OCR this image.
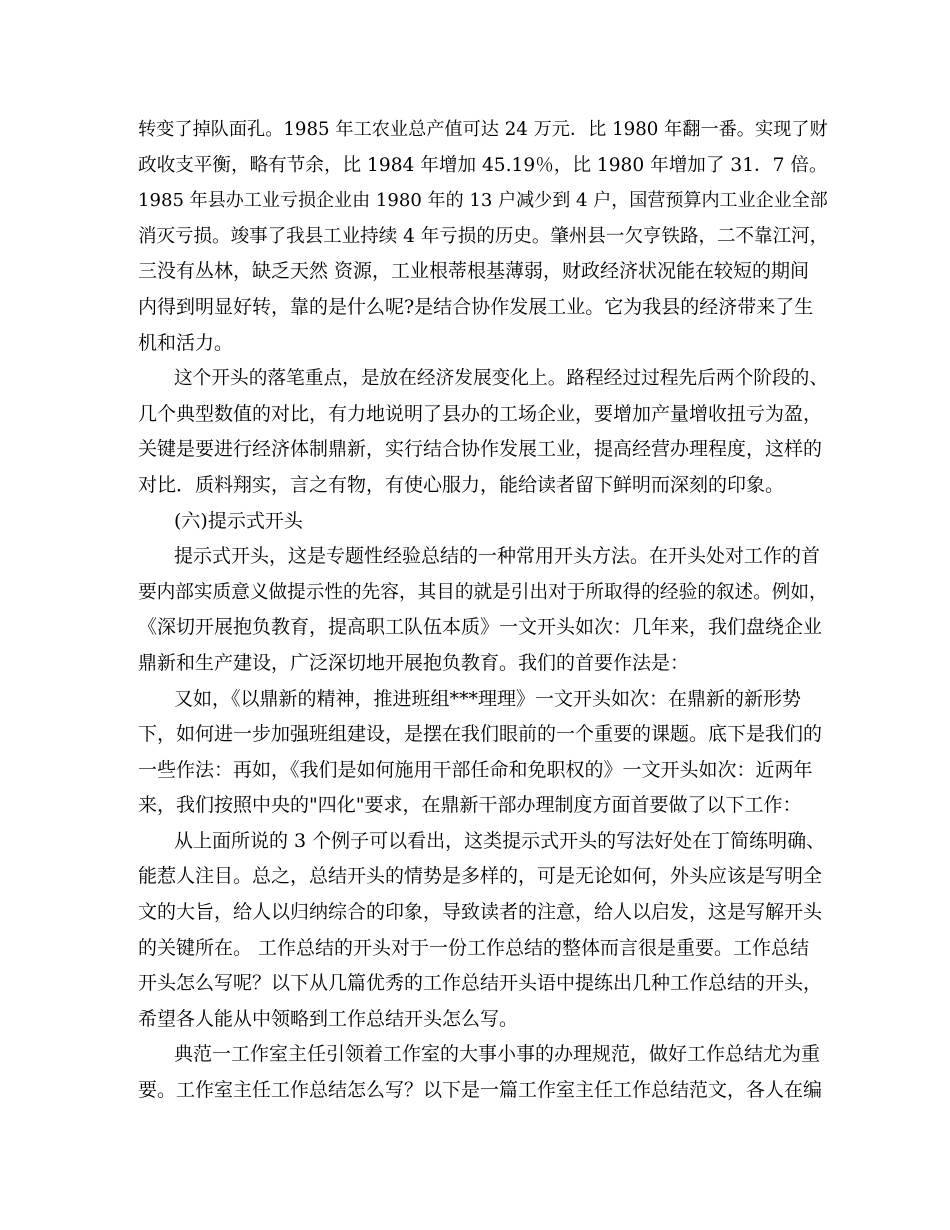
转变了掉队面孔。1985 年工农业总产值可达 24 万元．比 1980 年翻一番。实现了财
政收支平衡，略有节余，比 1984 年增加 45.19％，比 1980 年增加了 31．7 倍。
1985 年县办工业亏损企业由 1980 年的 13 户减少到 4 户，国营预算内工业企业全部
消灭亏损。竣事了我县工业持续 4 年亏损的历史。肇州县一欠亨铁路，二不靠江河，
三没有丛林，缺乏天然 资源，工业根蒂根基薄弱，财政经济状况能在较短的期间
内得到明显好转，靠的是什么呢?是结合协作发展工业。它为我县的经济带来了生
机和活力。
这个开头的落笔重点，是放在经济发展变化上。路程经过过程先后两个阶段的、
几个典型数值的对比，有力地说明了县办的工场企业，要增加产量增收扭亏为盈，
关键是要进行经济体制鼎新，实行结合协作发展工业，提高经营办理程度，这样的
对比．质料翔实，言之有物，有使心服力，能给读者留下鲜明而深刻的印象。
(六)提示式开头
提示式开头，这是专题性经验总结的一种常用开头方法。在开头处对工作的首
要内部实质意义做提示性的先容，其目的就是引出对于所取得的经验的叙述。例如，
《深切开展抱负教育，提高职工队伍本质》一文开头如次：几年来，我们盘绕企业
鼎新和生产建设，广泛深切地开展抱负教育。我们的首要作法是：
又如，《以鼎新的精神，推进班组***理理》一文开头如次：在鼎新的新形势
下，如何进一步加强班组建设，是摆在我们眼前的一个重要的课题。底下是我们的
一些作法：再如，《我们是如何施用干部任命和免职权的》一文开头如次：近两年
来，我们按照中央的"四化"要求，在鼎新干部办理制度方面首要做了以下工作：
从上面所说的 3 个例子可以看出，这类提示式开头的写法好处在丁简练明确、
能惹人注目。总之，总结开头的情势是多样的，可是无论如何，外头应该是写明全
文的大旨，给人以归纳综合的印象，导致读者的注意，给人以启发，这是写解开头
的关键所在。 工作总结的开头对于一份工作总结的整体而言很是重要。工作总结
开头怎么写呢？以下从几篇优秀的工作总结开头语中提练出几种工作总结的开头，
希望各人能从中领略到工作总结开头怎么写。
典范一工作室主任引领着工作室的大事小事的办理规范，做好工作总结尤为重
要。工作室主任工作总结怎么写？以下是一篇工作室主任工作总结范文，各人在编
